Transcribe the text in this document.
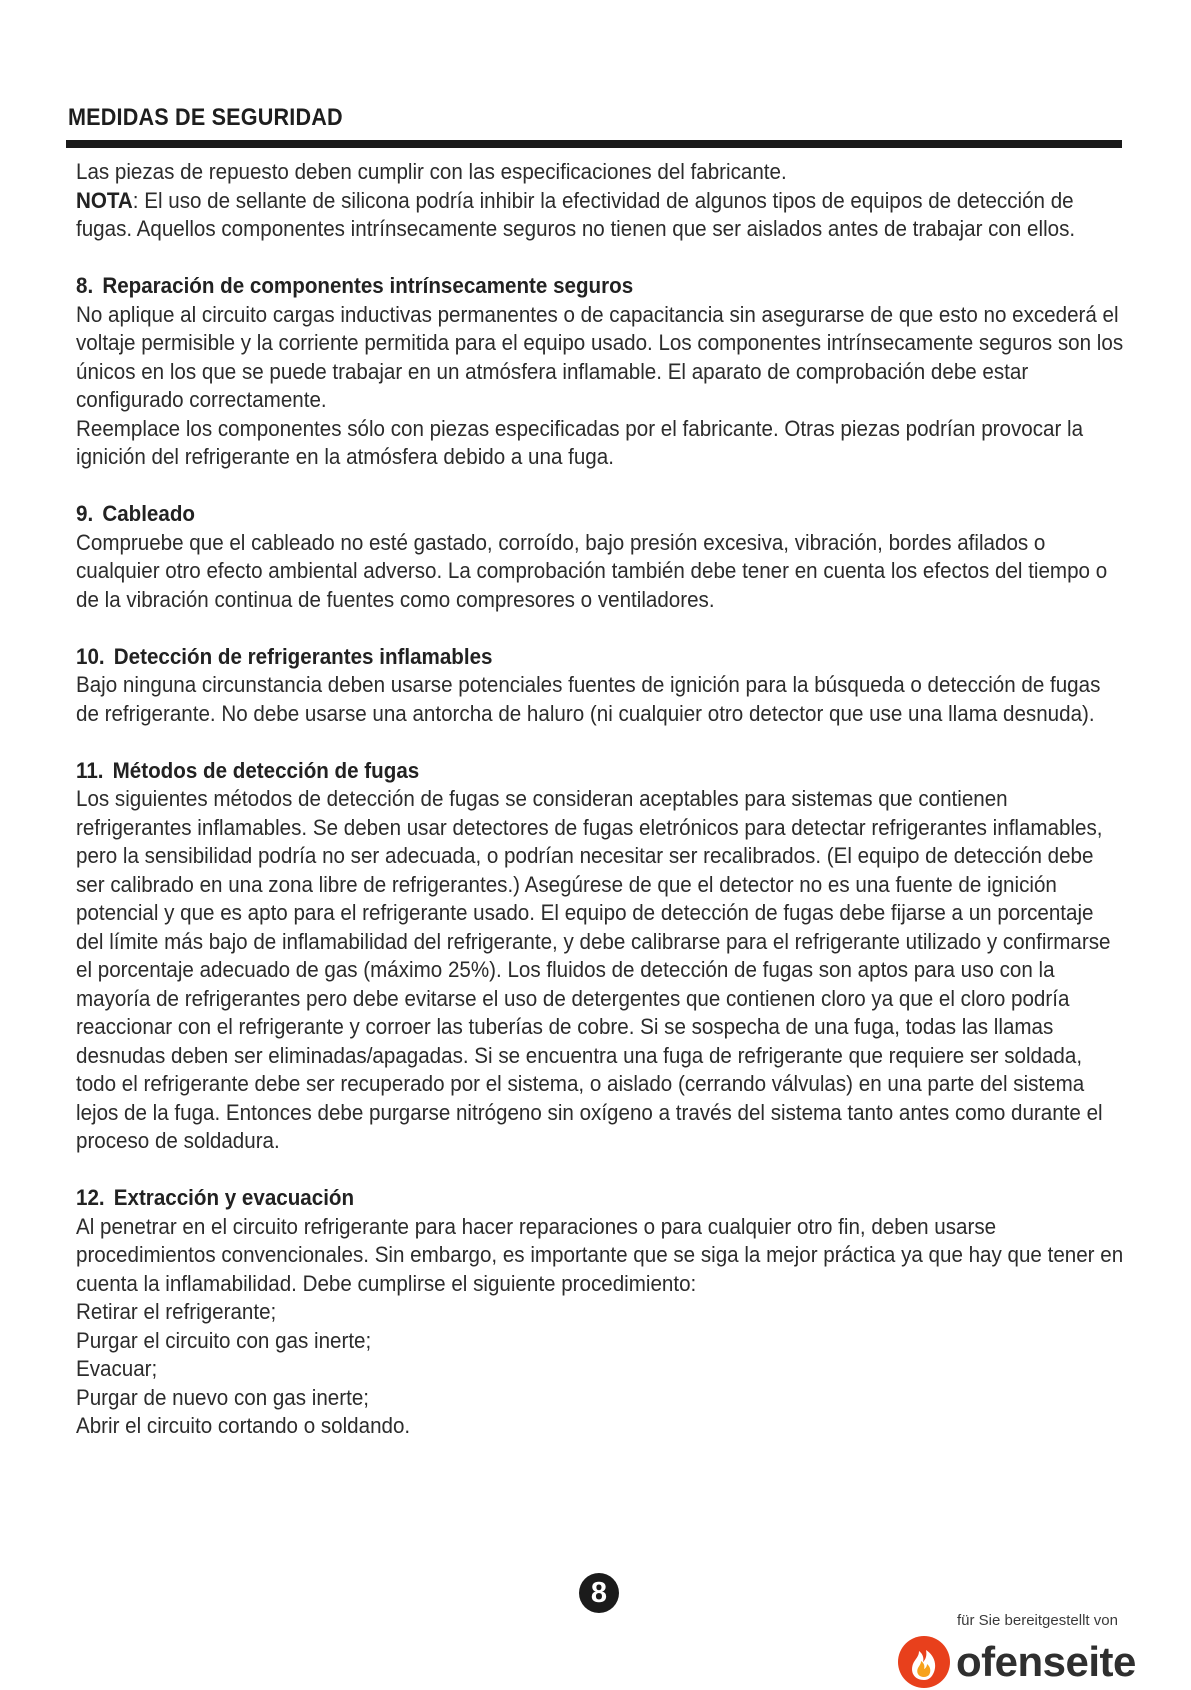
MEDIDAS DE SEGURIDAD

Las piezas de repuesto deben cumplir con las especificaciones del fabricante.

NOTA: El uso de sellante de silicona podría inhibir la efectividad de algunos tipos de equipos de detección de fugas. Aquellos componentes intrínsecamente seguros no tienen que ser aislados antes de trabajar con ellos.

8. Reparación de componentes intrínsecamente seguros

No aplique al circuito cargas inductivas permanentes o de capacitancia sin asegurarse de que esto no excederá el voltaje permisible y la corriente permitida para el equipo usado. Los componentes intrínsecamente seguros son los únicos en los que se puede trabajar en un atmósfera inflamable. El aparato de comprobación debe estar configurado correctamente.

Reemplace los componentes sólo con piezas especificadas por el fabricante. Otras piezas podrían provocar la ignición del refrigerante en la atmósfera debido a una fuga.

9. Cableado

Compruebe que el cableado no esté gastado, corroído, bajo presión excesiva, vibración, bordes afilados o cualquier otro efecto ambiental adverso. La comprobación también debe tener en cuenta los efectos del tiempo o de la vibración continua de fuentes como compresores o ventiladores.

10. Detección de refrigerantes inflamables

Bajo ninguna circunstancia deben usarse potenciales fuentes de ignición para la búsqueda o detección de fugas de refrigerante. No debe usarse una antorcha de haluro (ni cualquier otro detector que use una llama desnuda).

11. Métodos de detección de fugas

Los siguientes métodos de detección de fugas se consideran aceptables para sistemas que contienen refrigerantes inflamables. Se deben usar detectores de fugas eletrónicos para detectar refrigerantes inflamables, pero la sensibilidad podría no ser adecuada, o podrían necesitar ser recalibrados. (El equipo de detección debe ser calibrado en una zona libre de refrigerantes.) Asegúrese de que el detector no es una fuente de ignición potencial y que es apto para el refrigerante usado. El equipo de detección de fugas debe fijarse a un porcentaje del límite más bajo de inflamabilidad del refrigerante, y debe calibrarse para el refrigerante utilizado y confirmarse el porcentaje adecuado de gas (máximo 25%). Los fluidos de detección de fugas son aptos para uso con la mayoría de refrigerantes pero debe evitarse el uso de detergentes que contienen cloro ya que el cloro podría reaccionar con el refrigerante y corroer las tuberías de cobre. Si se sospecha de una fuga, todas las llamas desnudas deben ser eliminadas/apagadas. Si se encuentra una fuga de refrigerante que requiere ser soldada, todo el refrigerante debe ser recuperado por el sistema, o aislado (cerrando válvulas) en una parte del sistema lejos de la fuga. Entonces debe purgarse nitrógeno sin oxígeno a través del sistema tanto antes como durante el proceso de soldadura.

12. Extracción y evacuación

Al penetrar en el circuito refrigerante para hacer reparaciones o para cualquier otro fin, deben usarse procedimientos convencionales. Sin embargo, es importante que se siga la mejor práctica ya que hay que tener en cuenta la inflamabilidad. Debe cumplirse el siguiente procedimiento:

Retirar el refrigerante;

Purgar el circuito con gas inerte;

Evacuar;

Purgar de nuevo con gas inerte;

Abrir el circuito cortando o soldando.

8
für Sie bereitgestellt von
ofenseite
